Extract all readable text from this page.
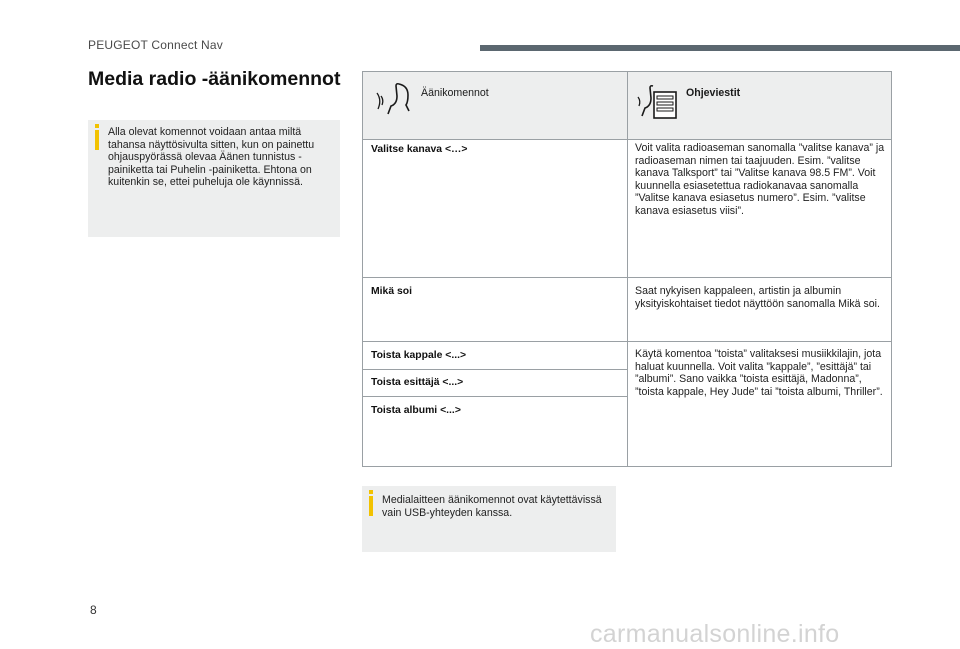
PEUGEOT Connect Nav
Media radio -äänikomennot
Alla olevat komennot voidaan antaa miltä tahansa näyttösivulta sitten, kun on painettu ohjauspyörässä olevaa Äänen tunnistus -painiketta tai Puhelin -painiketta. Ehtona on kuitenkin se, ettei puheluja ole käynnissä.
Äänikomennot	Ohjeviestit
Valitse kanava <…>	Voit valita radioaseman sanomalla ”valitse kanava” ja radioaseman nimen tai taajuuden. Esim. ”valitse kanava Talksport” tai ”Valitse kanava 98.5 FM”. Voit kuunnella esiasetettua radiokanavaa sanomalla ”Valitse kanava esiasetus numero”. Esim. ”valitse kanava esiasetus viisi”.
Mikä soi	Saat nykyisen kappaleen, artistin ja albumin yksityiskohtaiset tiedot näyttöön sanomalla Mikä soi.
Toista kappale <...>	Käytä komentoa ”toista” valitaksesi musiikkilajin, jota haluat kuunnella. Voit valita ”kappale”, ”esittäjä” tai ”albumi”. Sano vaikka ”toista esittäjä, Madonna”, ”toista kappale, Hey Jude” tai ”toista albumi, Thriller”.
Toista esittäjä <...>
Toista albumi <...>
Medialaitteen äänikomennot ovat käytettävissä vain USB-yhteyden kanssa.
8
carmanualsonline.info
